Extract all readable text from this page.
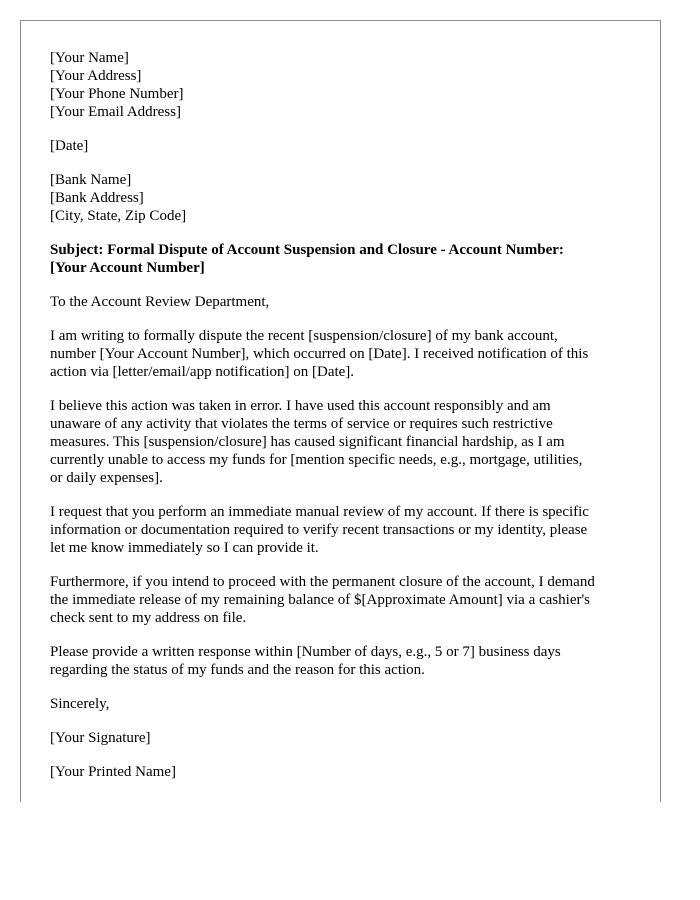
[Your Name]
[Your Address]
[Your Phone Number]
[Your Email Address]
[Date]
[Bank Name]
[Bank Address]
[City, State, Zip Code]
Subject: Formal Dispute of Account Suspension and Closure - Account Number:
[Your Account Number]

To the Account Review Department,

I am writing to formally dispute the recent [suspension/closure] of my bank account,
number [Your Account Number], which occurred on [Date]. I received notification of this
action via [letter/email/app notification] on [Date].

I believe this action was taken in error. I have used this account responsibly and am
unaware of any activity that violates the terms of service or requires such restrictive
measures. This [suspension/closure] has caused significant financial hardship, as I am
currently unable to access my funds for [mention specific needs, e.g., mortgage, utilities,
or daily expenses].

I request that you perform an immediate manual review of my account. If there is specific
information or documentation required to verify recent transactions or my identity, please
let me know immediately so I can provide it.

Furthermore, if you intend to proceed with the permanent closure of the account, I demand
the immediate release of my remaining balance of $[Approximate Amount] via a cashier's
check sent to my address on file.

Please provide a written response within [Number of days, e.g., 5 or 7] business days
regarding the status of my funds and the reason for this action.

Sincerely,

[Your Signature]

[Your Printed Name]
